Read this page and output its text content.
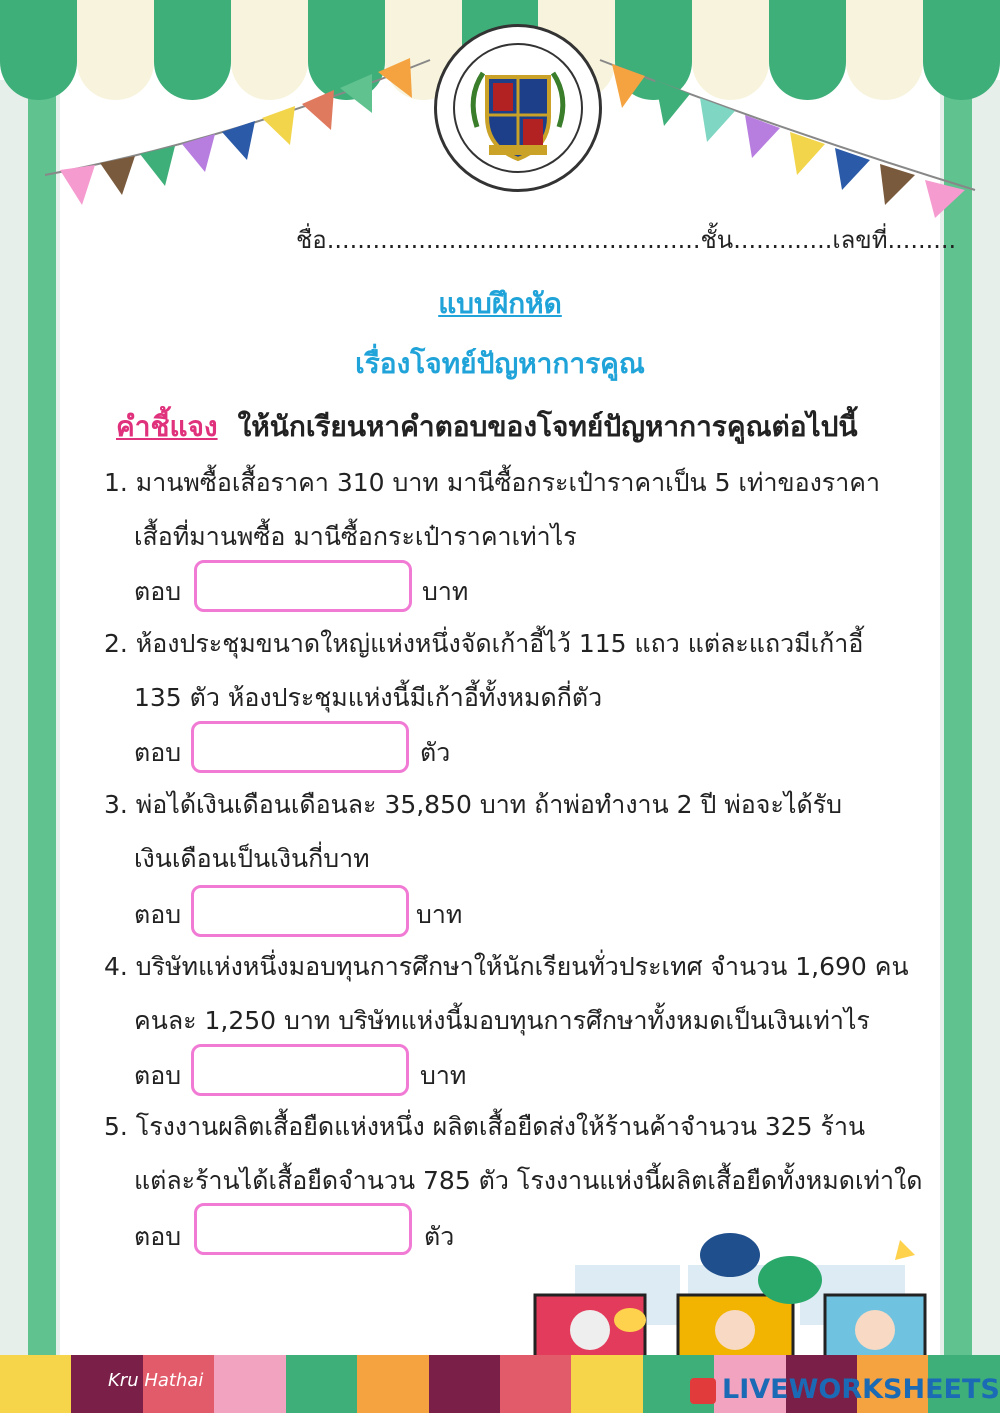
ชื่อ.................................................ชั้น.............เลขที่.........
แบบฝึกหัด
เรื่องโจทย์ปัญหาการคูณ
คำชี้แจง ให้นักเรียนหาคำตอบของโจทย์ปัญหาการคูณต่อไปนี้
1. มานพซื้อเสื้อราคา 310 บาท มานีซื้อกระเป๋าราคาเป็น 5 เท่าของราคา
เสื้อที่มานพซื้อ มานีซื้อกระเป๋าราคาเท่าไร
ตอบ	บาท
2. ห้องประชุมขนาดใหญ่แห่งหนึ่งจัดเก้าอี้ไว้ 115 แถว แต่ละแถวมีเก้าอี้
135 ตัว ห้องประชุมแห่งนี้มีเก้าอี้ทั้งหมดกี่ตัว
ตอบ	ตัว
3. พ่อได้เงินเดือนเดือนละ 35,850 บาท ถ้าพ่อทำงาน 2 ปี พ่อจะได้รับ
เงินเดือนเป็นเงินกี่บาท
ตอบ	บาท
4. บริษัทแห่งหนึ่งมอบทุนการศึกษาให้นักเรียนทั่วประเทศ จำนวน 1,690 คน
คนละ 1,250 บาท บริษัทแห่งนี้มอบทุนการศึกษาทั้งหมดเป็นเงินเท่าไร
ตอบ	บาท
5. โรงงานผลิตเสื้อยืดแห่งหนึ่ง ผลิตเสื้อยืดส่งให้ร้านค้าจำนวน 325 ร้าน
แต่ละร้านได้เสื้อยืดจำนวน 785 ตัว โรงงานแห่งนี้ผลิตเสื้อยืดทั้งหมดเท่าใด
ตอบ	ตัว
Kru Hathai	LIVEWORKSHEETS
